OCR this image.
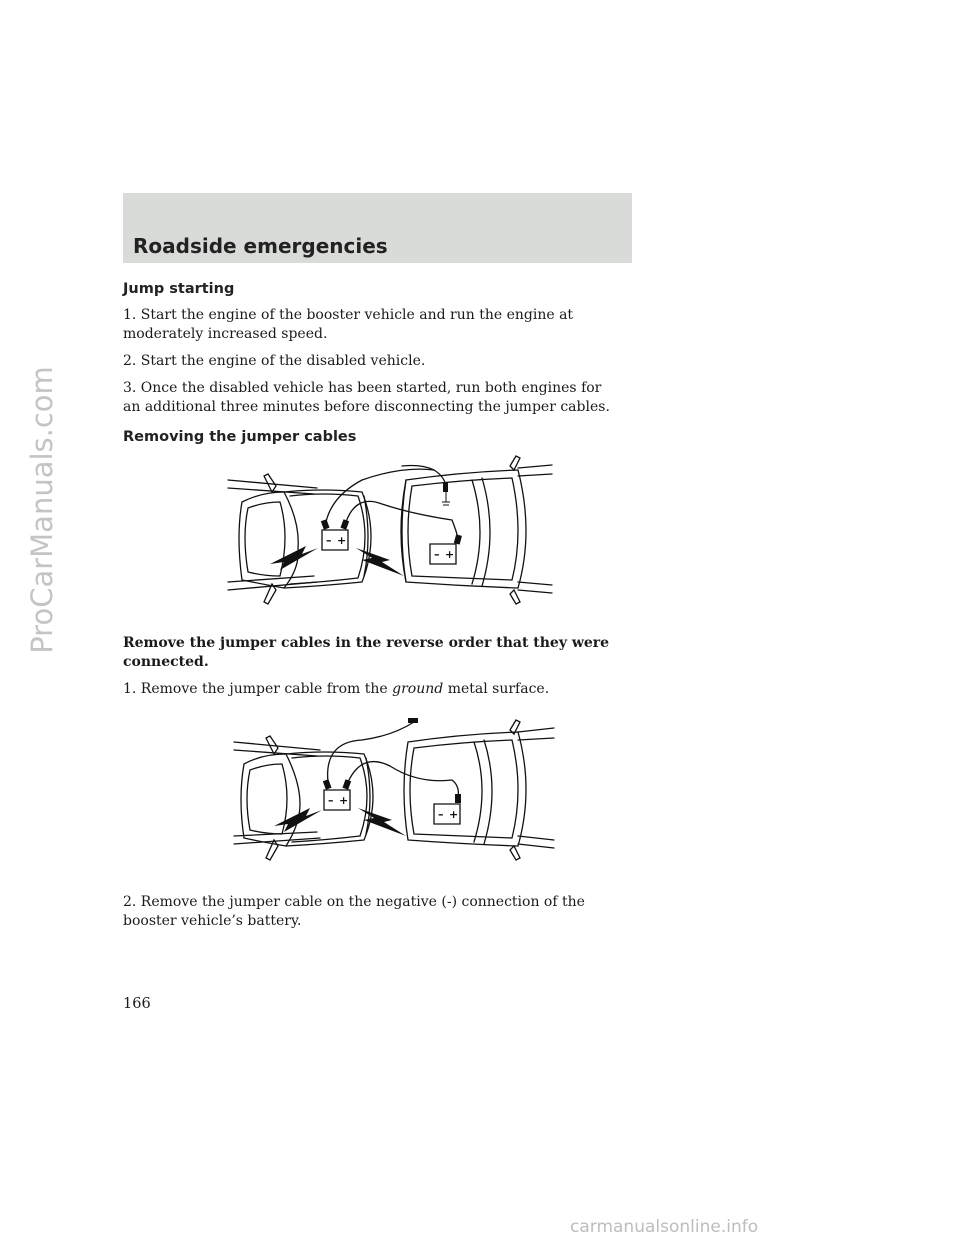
ProCarManuals.com
Roadside emergencies
Jump starting

1. Start the engine of the booster vehicle and run the engine at moderately increased speed.

2. Start the engine of the disabled vehicle.

3. Once the disabled vehicle has been started, run both engines for an additional three minutes before disconnecting the jumper cables.

Removing the jumper cables
– +
– +

Remove the jumper cables in the reverse order that they were connected.

1. Remove the jumper cable from the ground metal surface.

– +
– +

2. Remove the jumper cable on the negative (-) connection of the booster vehicle’s battery.

166
carmanualsonline.info
